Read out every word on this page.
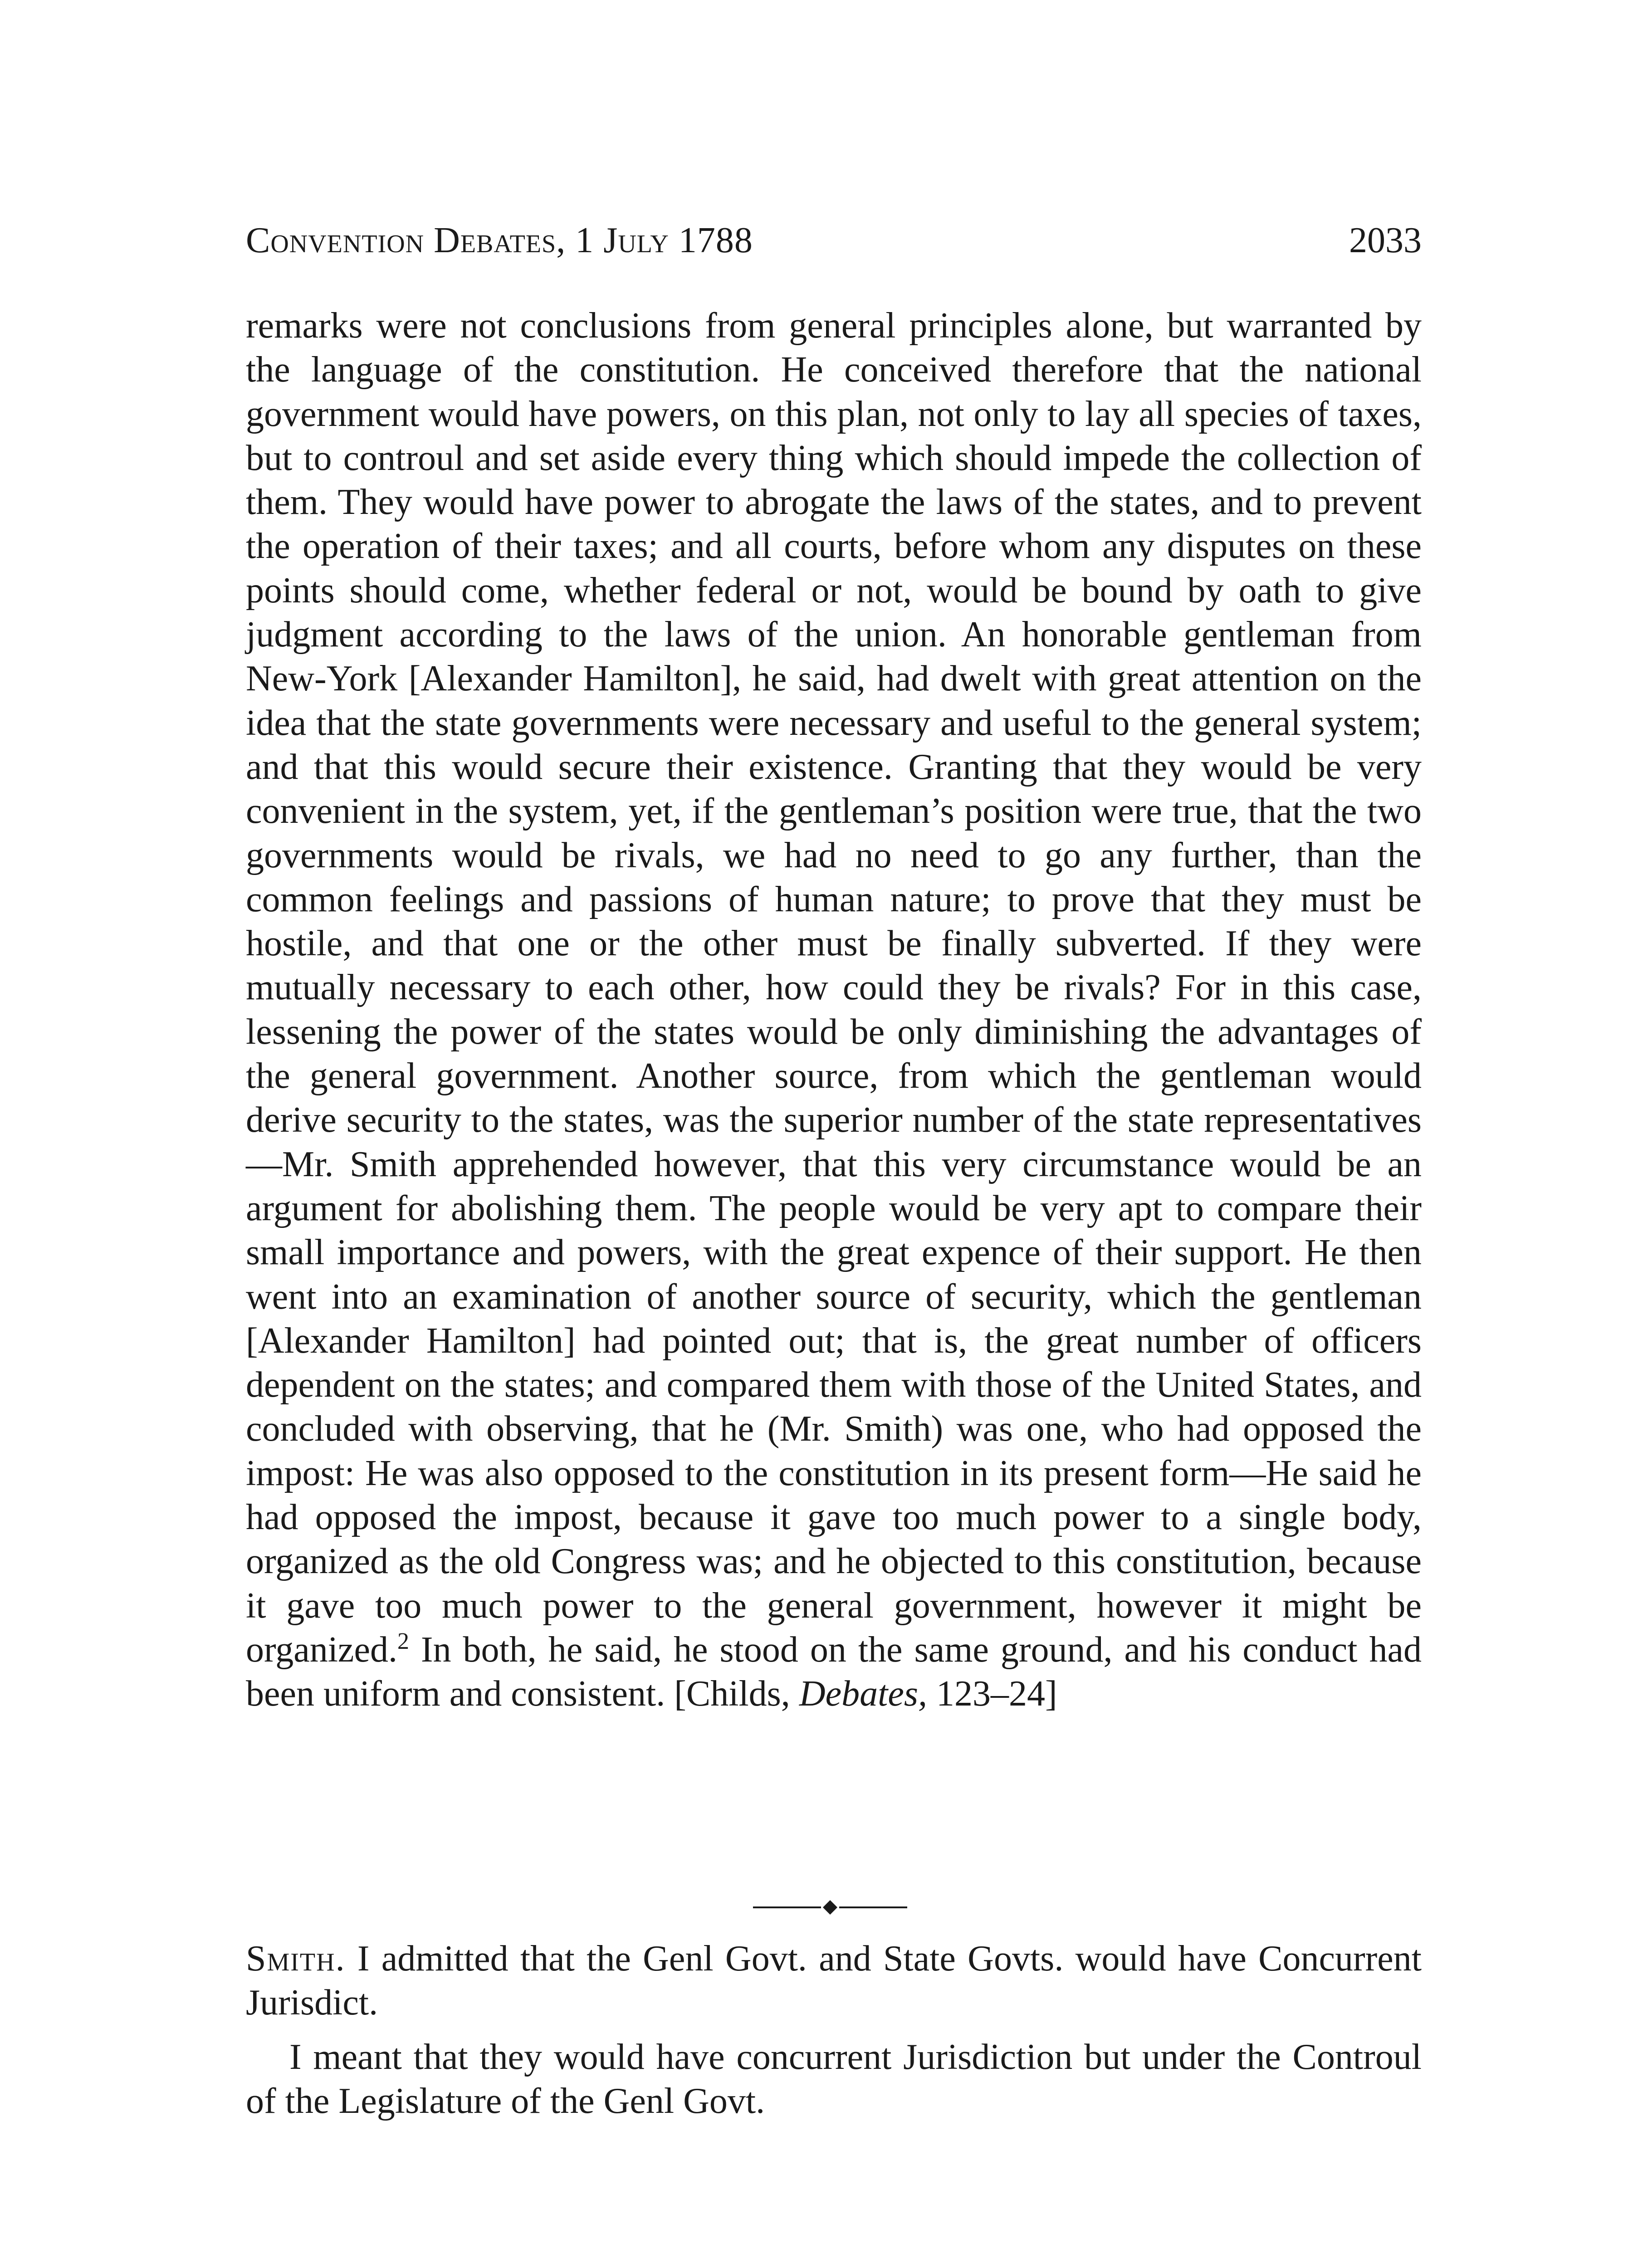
Convention Debates, 1 July 1788	2033

remarks were not conclusions from general principles alone, but warranted by the language of the constitution. He conceived therefore that the national government would have powers, on this plan, not only to lay all species of taxes, but to controul and set aside every thing which should impede the collection of them. They would have power to abrogate the laws of the states, and to prevent the operation of their taxes; and all courts, before whom any disputes on these points should come, whether federal or not, would be bound by oath to give judgment according to the laws of the union. An honorable gentleman from New-York [Alexander Hamilton], he said, had dwelt with great attention on the idea that the state governments were necessary and useful to the general system; and that this would secure their existence. Granting that they would be very convenient in the system, yet, if the gentleman’s position were true, that the two governments would be rivals, we had no need to go any further, than the common feelings and passions of human nature; to prove that they must be hostile, and that one or the other must be finally subverted. If they were mutually necessary to each other, how could they be rivals? For in this case, lessening the power of the states would be only diminishing the advantages of the general government. Another source, from which the gentleman would derive security to the states, was the superior number of the state representatives—Mr. Smith apprehended however, that this very circumstance would be an argument for abolishing them. The people would be very apt to compare their small importance and powers, with the great expence of their support. He then went into an examination of another source of security, which the gentleman [Alexander Hamilton] had pointed out; that is, the great number of officers dependent on the states; and compared them with those of the United States, and concluded with observing, that he (Mr. Smith) was one, who had opposed the impost: He was also opposed to the constitution in its present form—He said he had opposed the impost, because it gave too much power to a single body, organized as the old Congress was; and he objected to this constitution, because it gave too much power to the general government, however it might be organized.$^2$ In both, he said, he stood on the same ground, and his conduct had been uniform and consistent. [Childs, Debates, 123–24]

Smith. I admitted that the Genl Govt. and State Govts. would have Concurrent Jurisdict.

I meant that they would have concurrent Jurisdiction but under the Controul of the Legislature of the Genl Govt.
